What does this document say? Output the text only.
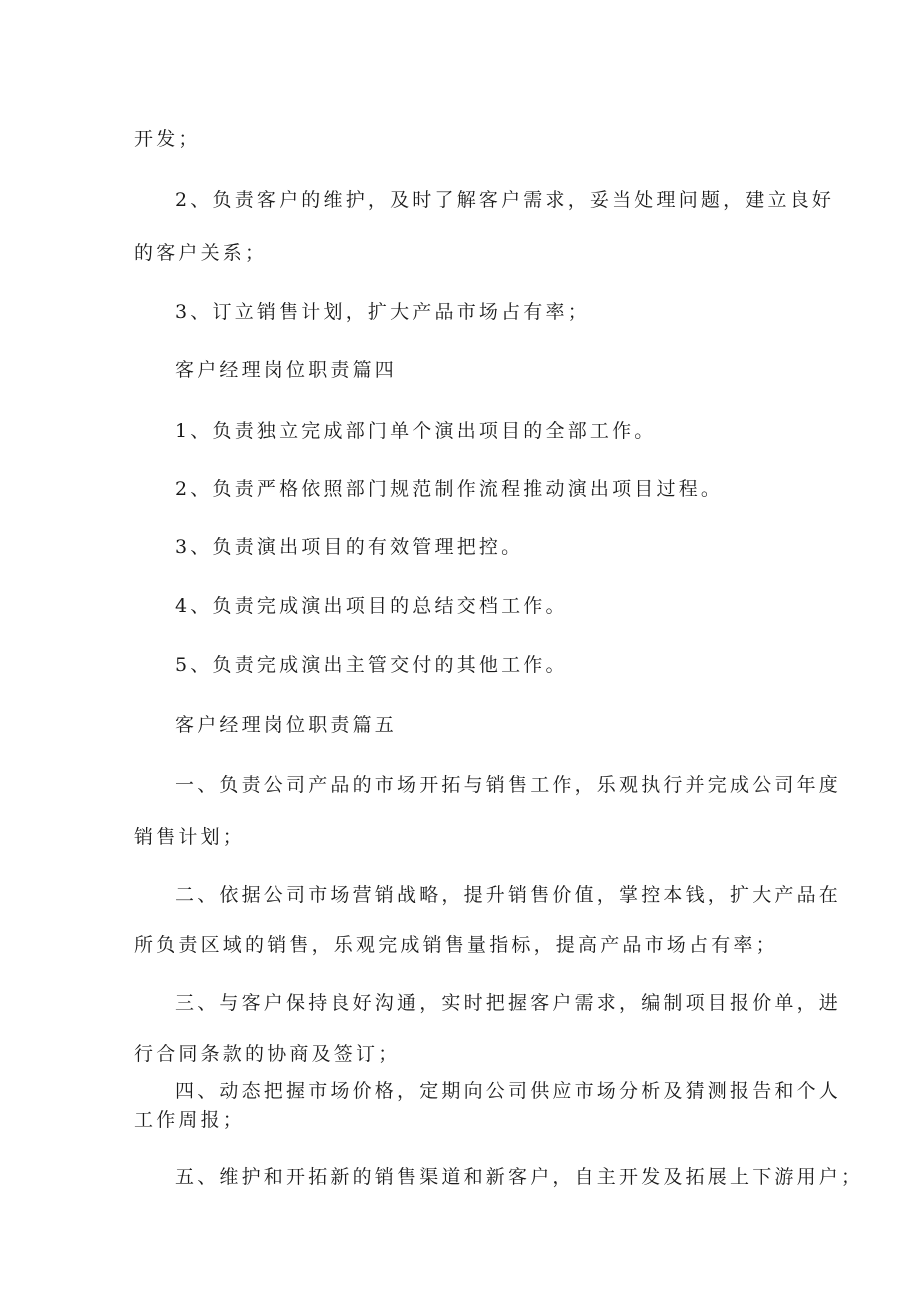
开发；

2、负责客户的维护，及时了解客户需求，妥当处理问题，建立良好

的客户关系；

3、订立销售计划，扩大产品市场占有率；

客户经理岗位职责篇四

1、负责独立完成部门单个演出项目的全部工作。

2、负责严格依照部门规范制作流程推动演出项目过程。

3、负责演出项目的有效管理把控。

4、负责完成演出项目的总结交档工作。

5、负责完成演出主管交付的其他工作。

客户经理岗位职责篇五

一、负责公司产品的市场开拓与销售工作，乐观执行并完成公司年度

销售计划；

二、依据公司市场营销战略，提升销售价值，掌控本钱，扩大产品在

所负责区域的销售，乐观完成销售量指标，提高产品市场占有率；

三、与客户保持良好沟通，实时把握客户需求，编制项目报价单，进

行合同条款的协商及签订；

四、动态把握市场价格，定期向公司供应市场分析及猜测报告和个人

工作周报；

五、维护和开拓新的销售渠道和新客户，自主开发及拓展上下游用户；
